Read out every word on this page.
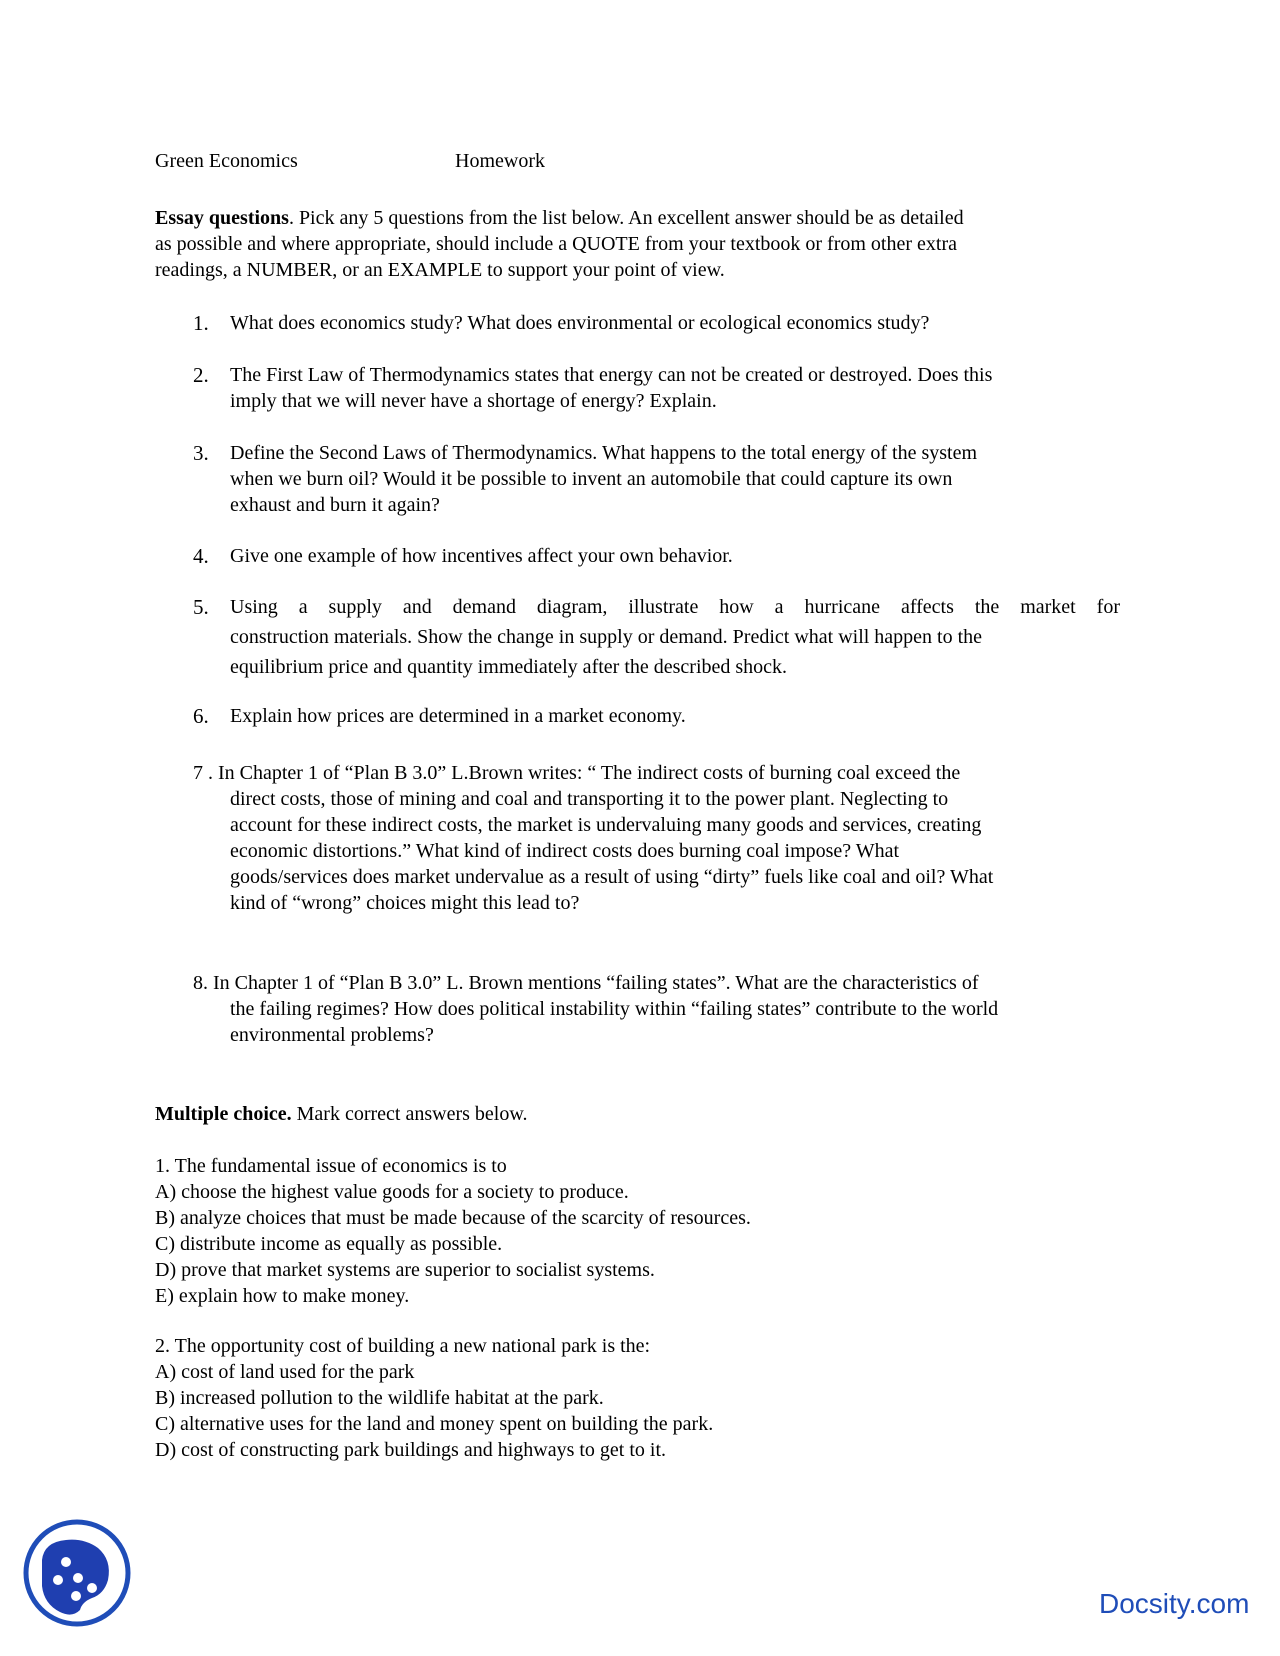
Green Economics	Homework
Essay questions. Pick any 5 questions from the list below. An excellent answer should be as detailed
as possible and where appropriate, should include a QUOTE from your textbook or from other extra
readings, a NUMBER, or an EXAMPLE to support your point of view.
1. What does economics study? What does environmental or ecological economics study?
2. The First Law of Thermodynamics states that energy can not be created or destroyed. Does this
imply that we will never have a shortage of energy? Explain.
3. Define the Second Laws of Thermodynamics. What happens to the total energy of the system
when we burn oil? Would it be possible to invent an automobile that could capture its own
exhaust and burn it again?
4. Give one example of how incentives affect your own behavior.
5. Using a supply and demand diagram, illustrate how a hurricane affects the market for
construction materials. Show the change in supply or demand. Predict what will happen to the
equilibrium price and quantity immediately after the described shock.
6. Explain how prices are determined in a market economy.
7 . In Chapter 1 of “Plan B 3.0” L.Brown writes: “ The indirect costs of burning coal exceed the
direct costs, those of mining and coal and transporting it to the power plant. Neglecting to
account for these indirect costs, the market is undervaluing many goods and services, creating
economic distortions.” What kind of indirect costs does burning coal impose? What
goods/services does market undervalue as a result of using “dirty” fuels like coal and oil? What
kind of “wrong” choices might this lead to?
8. In Chapter 1 of “Plan B 3.0” L. Brown mentions “failing states”. What are the characteristics of
the failing regimes? How does political instability within “failing states” contribute to the world
environmental problems?
Multiple choice. Mark correct answers below.
1. The fundamental issue of economics is to
A) choose the highest value goods for a society to produce.
B) analyze choices that must be made because of the scarcity of resources.
C) distribute income as equally as possible.
D) prove that market systems are superior to socialist systems.
E) explain how to make money.
2. The opportunity cost of building a new national park is the:
A) cost of land used for the park
B) increased pollution to the wildlife habitat at the park.
C) alternative uses for the land and money spent on building the park.
D) cost of constructing park buildings and highways to get to it.
Docsity.com
